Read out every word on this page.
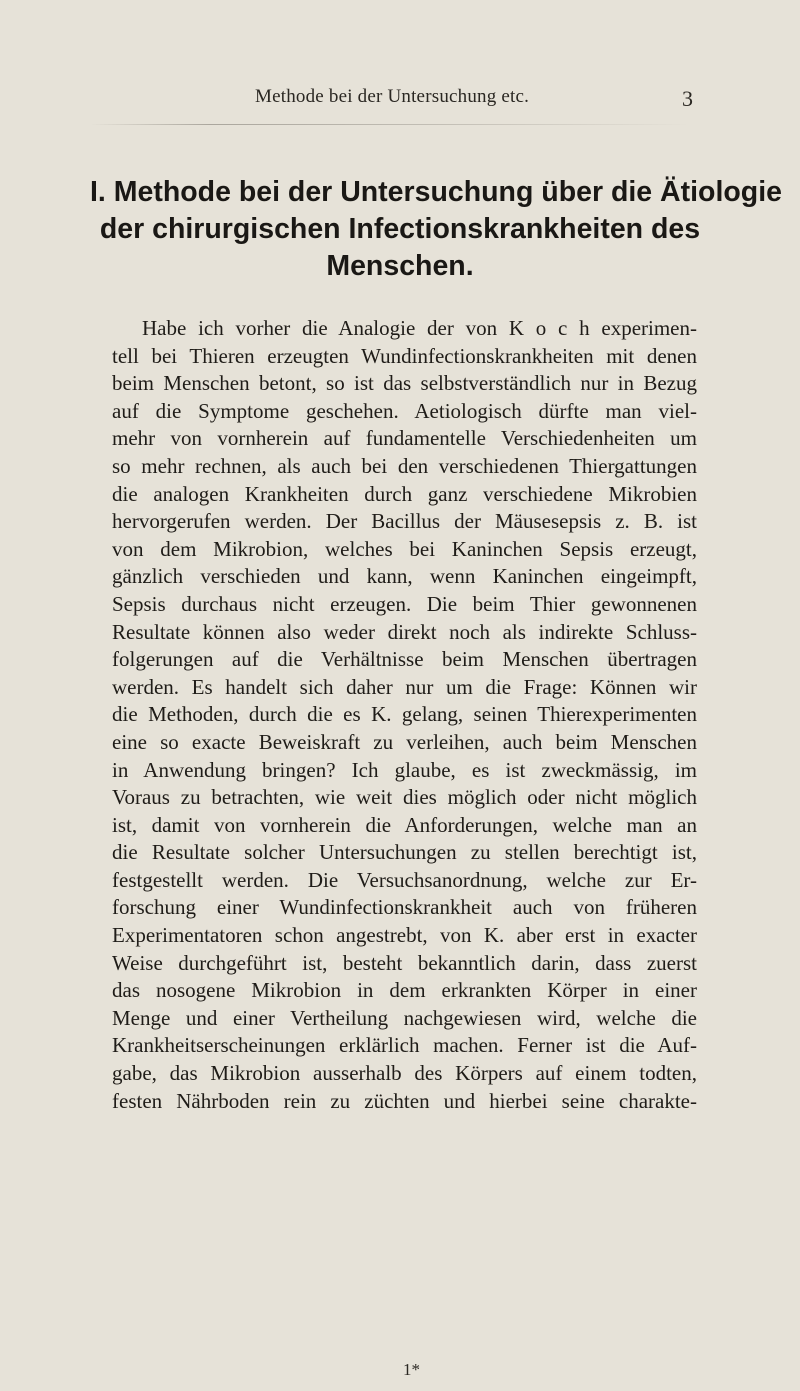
Methode bei der Untersuchung etc.	3
I. Methode bei der Untersuchung über die Ätiologie
der chirurgischen Infectionskrankheiten des
Menschen.
Habe ich vorher die Analogie der von K o c h experimen-
tell bei Thieren erzeugten Wundinfectionskrankheiten mit denen
beim Menschen betont, so ist das selbstverständlich nur in Bezug
auf die Symptome geschehen. Aetiologisch dürfte man viel-
mehr von vornherein auf fundamentelle Verschiedenheiten um
so mehr rechnen, als auch bei den verschiedenen Thiergattungen
die analogen Krankheiten durch ganz verschiedene Mikrobien
hervorgerufen werden. Der Bacillus der Mäusesepsis z. B. ist
von dem Mikrobion, welches bei Kaninchen Sepsis erzeugt,
gänzlich verschieden und kann, wenn Kaninchen eingeimpft,
Sepsis durchaus nicht erzeugen. Die beim Thier gewonnenen
Resultate können also weder direkt noch als indirekte Schluss-
folgerungen auf die Verhältnisse beim Menschen übertragen
werden. Es handelt sich daher nur um die Frage: Können wir
die Methoden, durch die es K. gelang, seinen Thierexperimenten
eine so exacte Beweiskraft zu verleihen, auch beim Menschen
in Anwendung bringen? Ich glaube, es ist zweckmässig, im
Voraus zu betrachten, wie weit dies möglich oder nicht möglich
ist, damit von vornherein die Anforderungen, welche man an
die Resultate solcher Untersuchungen zu stellen berechtigt ist,
festgestellt werden. Die Versuchsanordnung, welche zur Er-
forschung einer Wundinfectionskrankheit auch von früheren
Experimentatoren schon angestrebt, von K. aber erst in exacter
Weise durchgeführt ist, besteht bekanntlich darin, dass zuerst
das nosogene Mikrobion in dem erkrankten Körper in einer
Menge und einer Vertheilung nachgewiesen wird, welche die
Krankheitserscheinungen erklärlich machen. Ferner ist die Auf-
gabe, das Mikrobion ausserhalb des Körpers auf einem todten,
festen Nährboden rein zu züchten und hierbei seine charakte-
1*
